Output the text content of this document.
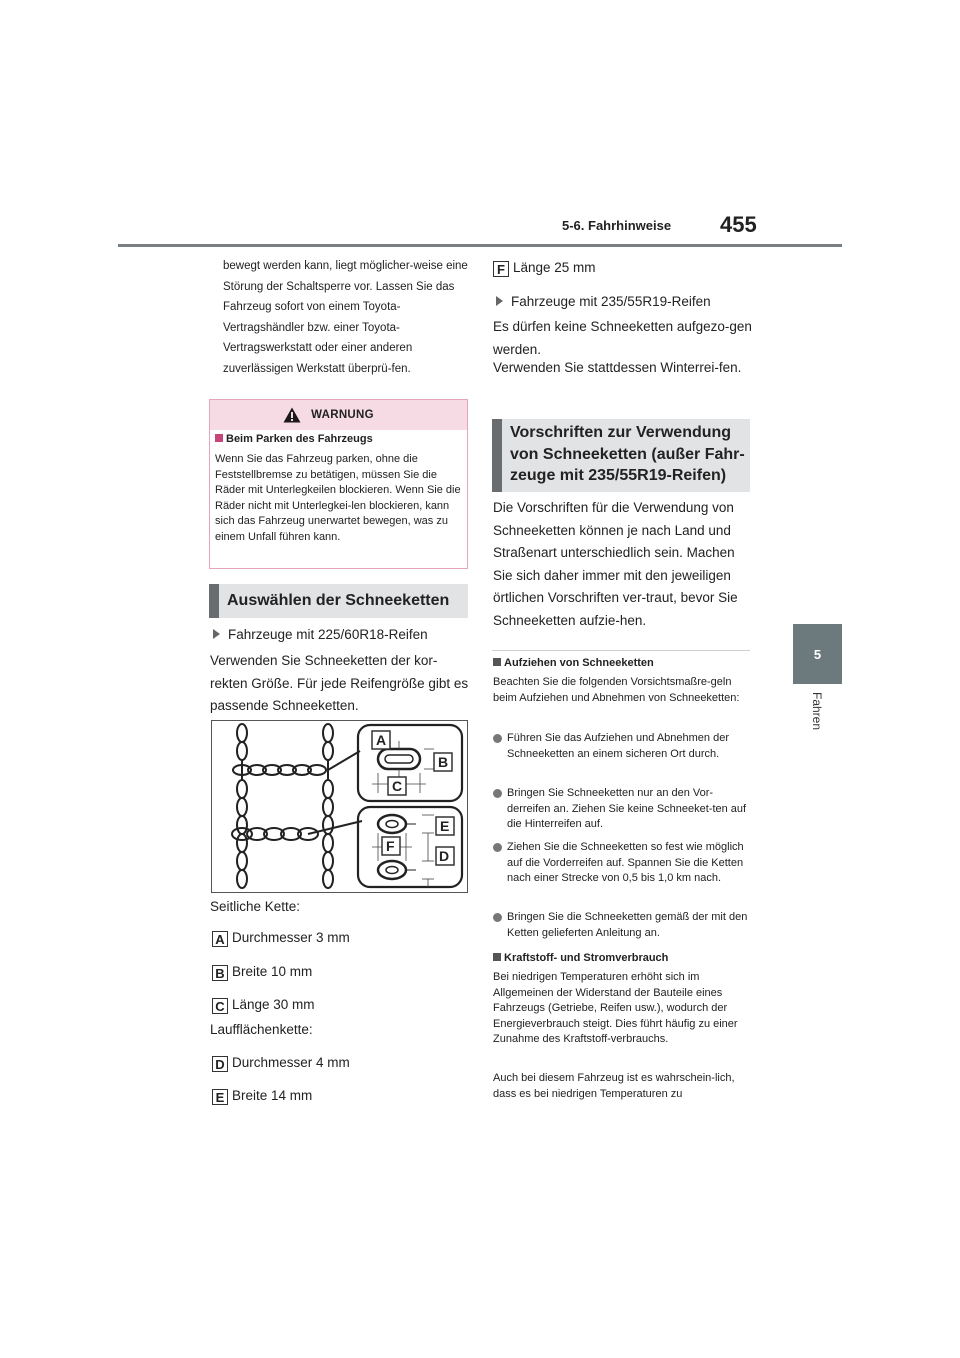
5-6. Fahrhinweise 455
5
Fahren
bewegt werden kann, liegt möglicher-weise eine Störung der Schaltsperre vor. Lassen Sie das Fahrzeug sofort von einem Toyota-Vertragshändler bzw. einer Toyota-Vertragswerkstatt oder einer anderen zuverlässigen Werkstatt überprü-fen.
WARNUNG
Beim Parken des Fahrzeugs
Wenn Sie das Fahrzeug parken, ohne die Feststellbremse zu betätigen, müssen Sie die Räder mit Unterlegkeilen blockieren. Wenn Sie die Räder nicht mit Unterlegkei-len blockieren, kann sich das Fahrzeug unerwartet bewegen, was zu einem Unfall führen kann.
Auswählen der Schneeketten
Fahrzeuge mit 225/60R18-Reifen
Verwenden Sie Schneeketten der kor-rekten Größe. Für jede Reifengröße gibt es passende Schneeketten.
A
B
C
E
F
D
Seitliche Kette:
A Durchmesser 3 mm
B Breite 10 mm
C Länge 30 mm
Laufflächenkette:
D Durchmesser 4 mm
E Breite 14 mm
F Länge 25 mm
Fahrzeuge mit 235/55R19-Reifen
Es dürfen keine Schneeketten aufgezo-gen werden.
Verwenden Sie stattdessen Winterrei-fen.
Vorschriften zur Verwendung von Schneeketten (außer Fahr-zeuge mit 235/55R19-Reifen)
Die Vorschriften für die Verwendung von Schneeketten können je nach Land und Straßenart unterschiedlich sein. Machen Sie sich daher immer mit den jeweiligen örtlichen Vorschriften ver-traut, bevor Sie Schneeketten aufzie-hen.
Aufziehen von Schneeketten
Beachten Sie die folgenden Vorsichtsmaßre-geln beim Aufziehen und Abnehmen von Schneeketten:
Führen Sie das Aufziehen und Abnehmen der Schneeketten an einem sicheren Ort durch.
Bringen Sie Schneeketten nur an den Vor-derreifen an. Ziehen Sie keine Schneeket-ten auf die Hinterreifen auf.
Ziehen Sie die Schneeketten so fest wie möglich auf die Vorderreifen auf. Spannen Sie die Ketten nach einer Strecke von 0,5 bis 1,0 km nach.
Bringen Sie die Schneeketten gemäß der mit den Ketten gelieferten Anleitung an.
Kraftstoff- und Stromverbrauch
Bei niedrigen Temperaturen erhöht sich im Allgemeinen der Widerstand der Bauteile eines Fahrzeugs (Getriebe, Reifen usw.), wodurch der Energieverbrauch steigt. Dies führt häufig zu einer Zunahme des Kraftstoff-verbrauchs.
Auch bei diesem Fahrzeug ist es wahrschein-lich, dass es bei niedrigen Temperaturen zu
